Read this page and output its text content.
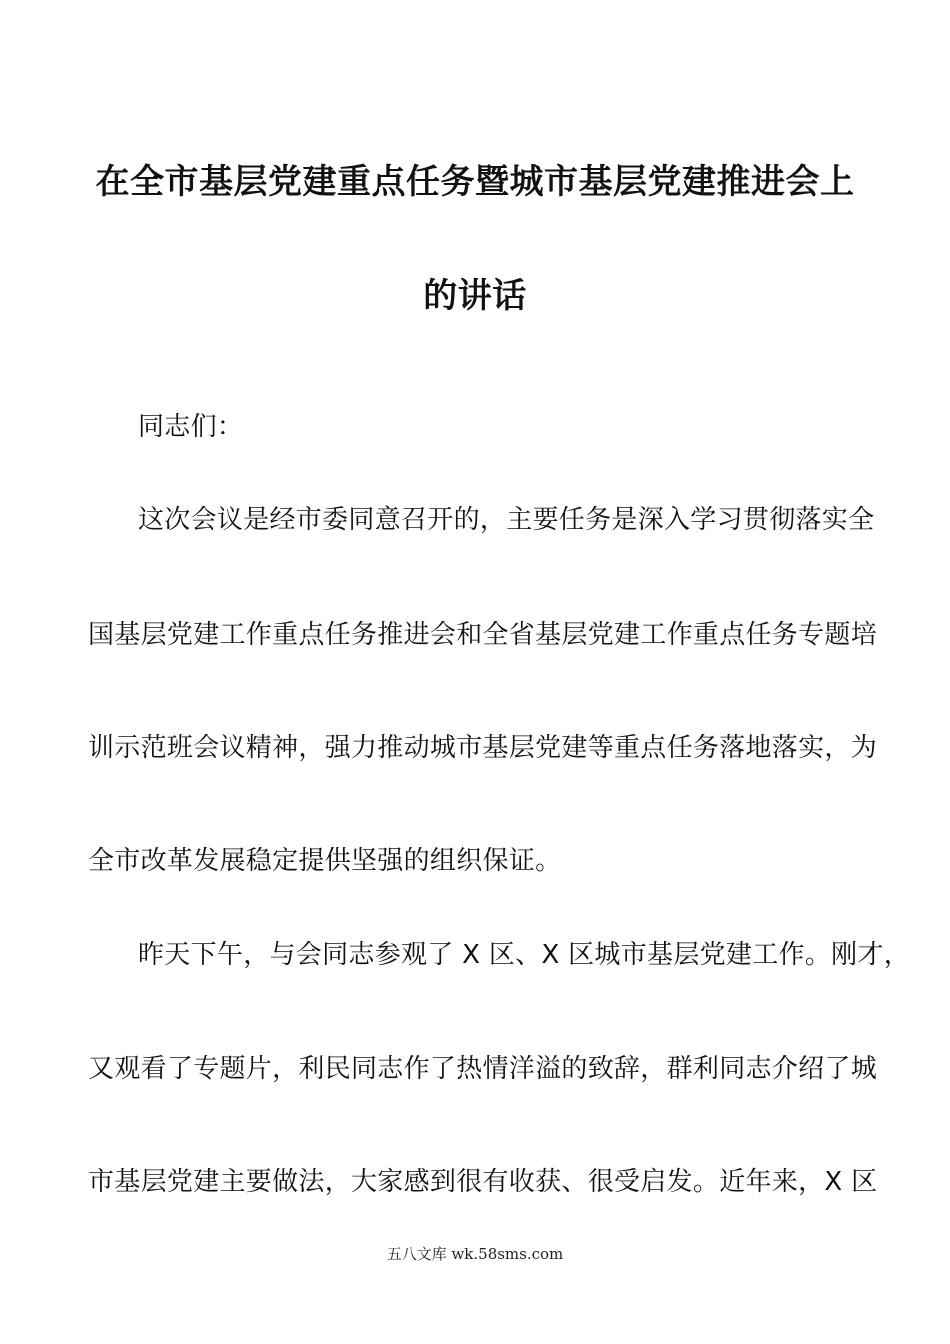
在全市基层党建重点任务暨城市基层党建推进会上
的讲话
同志们：
这次会议是经市委同意召开的，主要任务是深入学习贯彻落实全
国基层党建工作重点任务推进会和全省基层党建工作重点任务专题培
训示范班会议精神，强力推动城市基层党建等重点任务落地落实，为
全市改革发展稳定提供坚强的组织保证。
昨天下午，与会同志参观了 X 区、X 区城市基层党建工作。刚才，
又观看了专题片，利民同志作了热情洋溢的致辞，群利同志介绍了城
市基层党建主要做法，大家感到很有收获、很受启发。近年来，X 区
五八文库 wk.58sms.com
